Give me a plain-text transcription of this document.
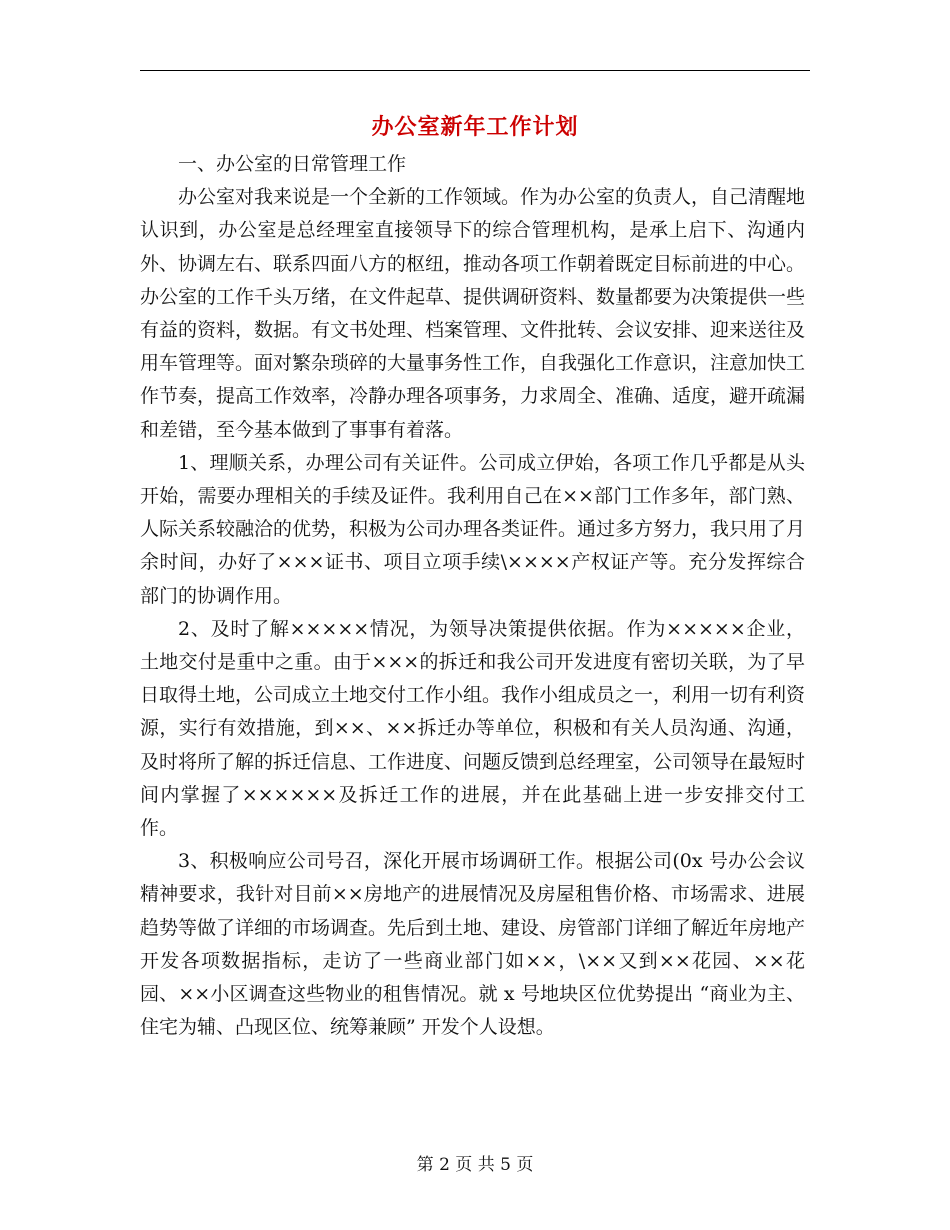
办公室新年工作计划

一、办公室的日常管理工作

办公室对我来说是一个全新的工作领域。作为办公室的负责人，自己清醒地认识到，办公室是总经理室直接领导下的综合管理机构，是承上启下、沟通内外、协调左右、联系四面八方的枢纽，推动各项工作朝着既定目标前进的中心。办公室的工作千头万绪，在文件起草、提供调研资料、数量都要为决策提供一些有益的资料，数据。有文书处理、档案管理、文件批转、会议安排、迎来送往及用车管理等。面对繁杂琐碎的大量事务性工作，自我强化工作意识，注意加快工作节奏，提高工作效率，冷静办理各项事务，力求周全、准确、适度，避开疏漏和差错，至今基本做到了事事有着落。

1、理顺关系，办理公司有关证件。公司成立伊始，各项工作几乎都是从头开始，需要办理相关的手续及证件。我利用自己在××部门工作多年，部门熟、人际关系较融洽的优势，积极为公司办理各类证件。通过多方努力，我只用了月余时间，办好了×××证书、项目立项手续\××××产权证产等。充分发挥综合部门的协调作用。

2、及时了解×××××情况，为领导决策提供依据。作为×××××企业，土地交付是重中之重。由于×××的拆迁和我公司开发进度有密切关联，为了早日取得土地，公司成立土地交付工作小组。我作小组成员之一，利用一切有利资源，实行有效措施，到××、××拆迁办等单位，积极和有关人员沟通、沟通，及时将所了解的拆迁信息、工作进度、问题反馈到总经理室，公司领导在最短时间内掌握了××××××及拆迁工作的进展，并在此基础上进一步安排交付工作。

3、积极响应公司号召，深化开展市场调研工作。根据公司(0x 号办公会议精神要求，我针对目前××房地产的进展情况及房屋租售价格、市场需求、进展趋势等做了详细的市场调查。先后到土地、建设、房管部门详细了解近年房地产开发各项数据指标，走访了一些商业部门如××，\××又到××花园、××花园、××小区调查这些物业的租售情况。就 x 号地块区位优势提出 “商业为主、住宅为辅、凸现区位、统筹兼顾” 开发个人设想。

第 2 页 共 5 页
